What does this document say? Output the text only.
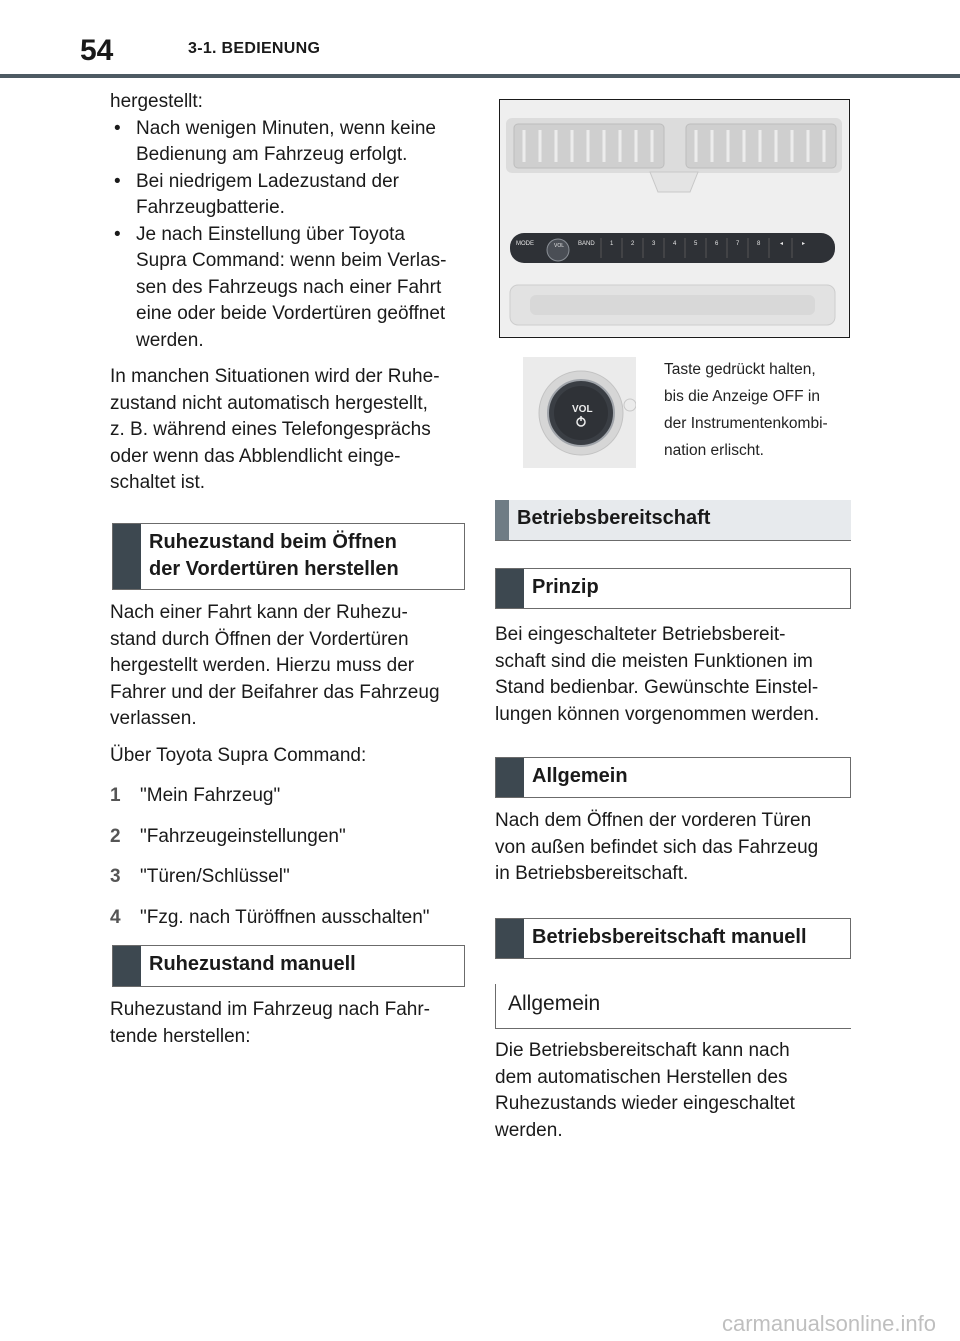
54	3-1. BEDIENUNG

hergestellt:

• Nach wenigen Minuten, wenn keine
Bedienung am Fahrzeug erfolgt.
• Bei niedrigem Ladezustand der
Fahrzeugbatterie.
• Je nach Einstellung über Toyota
Supra Command: wenn beim Verlas-
sen des Fahrzeugs nach einer Fahrt
eine oder beide Vordertüren geöffnet
werden.

In manchen Situationen wird der Ruhe-
zustand nicht automatisch hergestellt,
z. B. während eines Telefongesprächs
oder wenn das Abblendlicht einge-
schaltet ist.

Ruhezustand beim Öffnen
der Vordertüren herstellen

Nach einer Fahrt kann der Ruhezu-
stand durch Öffnen der Vordertüren
hergestellt werden. Hierzu muss der
Fahrer und der Beifahrer das Fahrzeug
verlassen.

Über Toyota Supra Command:

1	"Mein Fahrzeug"
2	"Fahrzeugeinstellungen"
3	"Türen/Schlüssel"
4	"Fzg. nach Türöffnen ausschalten"
Ruhezustand manuell

Ruhezustand im Fahrzeug nach Fahr-
tende herstellen:

VOL
MODE	BAND	1	2	3	4	5	6	7	8	◂	▸
VOL
Taste gedrückt halten,
bis die Anzeige OFF in
der Instrumentenkombi-
nation erlischt.
Betriebsbereitschaft
Prinzip

Bei eingeschalteter Betriebsbereit-
schaft sind die meisten Funktionen im
Stand bedienbar. Gewünschte Einstel-
lungen können vorgenommen werden.

Allgemein

Nach dem Öffnen der vorderen Türen
von außen befindet sich das Fahrzeug
in Betriebsbereitschaft.

Betriebsbereitschaft manuell
Allgemein

Die Betriebsbereitschaft kann nach
dem automatischen Herstellen des
Ruhezustands wieder eingeschaltet
werden.

carmanualsonline.info
